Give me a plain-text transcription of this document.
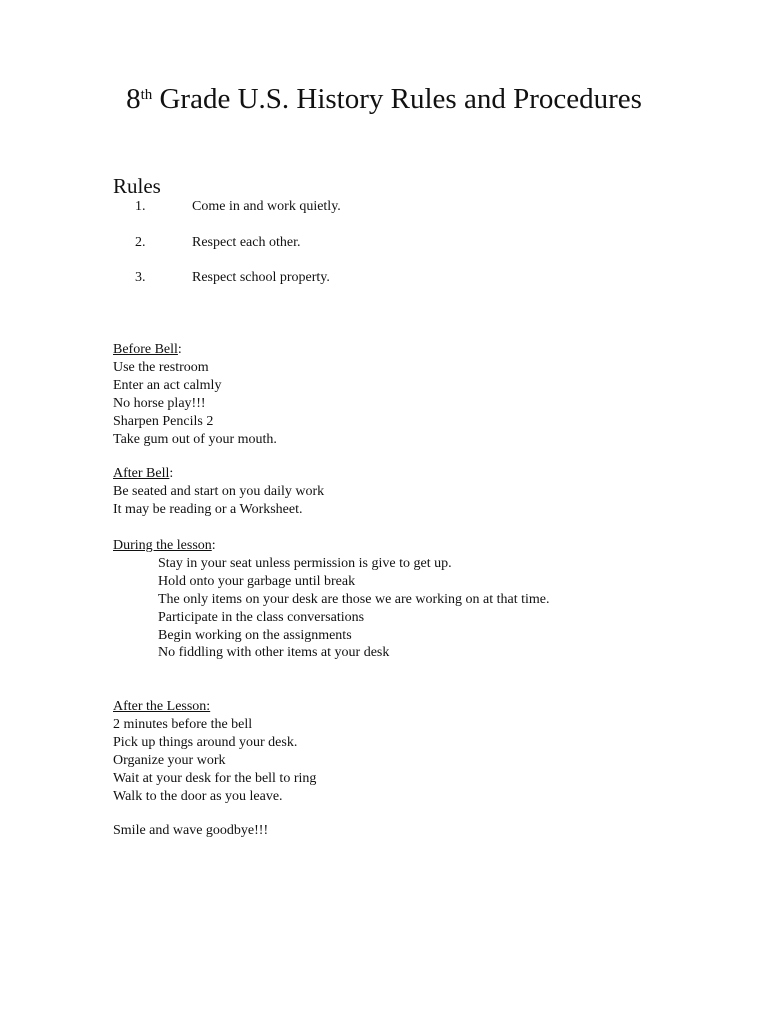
8th Grade U.S. History Rules and Procedures
Rules
1.	Come in and work quietly.
2.	Respect each other.
3.	Respect school property.
Before Bell:
Use the restroom
Enter an act calmly
No horse play!!!
Sharpen Pencils 2
Take gum out of your mouth.
After Bell:
Be seated and start on you daily work
It may be reading or a Worksheet.
During the lesson:
Stay in your seat unless permission is give to get up.
Hold onto your garbage until break
The only items on your desk are those we are working on at that time.
Participate in the class conversations
Begin working on the assignments
No fiddling with other items at your desk
After the Lesson:
2 minutes before the bell
Pick up things around your desk.
Organize your work
Wait at your desk for the bell to ring
Walk to the door as you leave.
Smile and wave goodbye!!!
